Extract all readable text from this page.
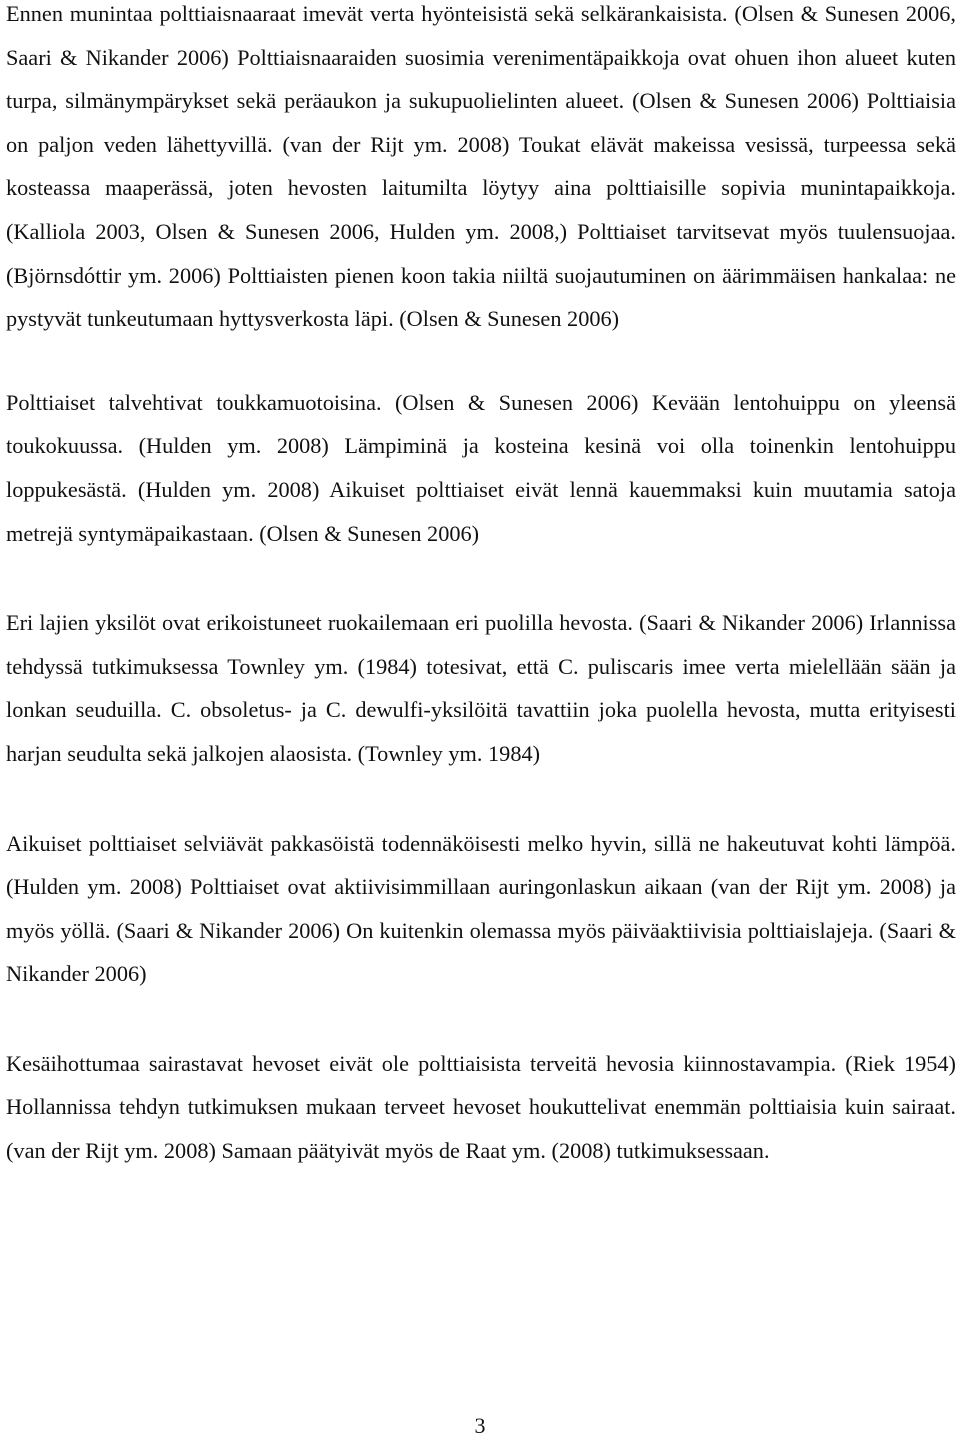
Ennen munintaa polttiaisnaaraat imevät verta hyönteisistä sekä selkärankaisista. (Olsen & Sunesen 2006, Saari & Nikander 2006) Polttiaisnaaraiden suosimia verenimentäpaikkoja ovat ohuen ihon alueet kuten turpa, silmänympärykset sekä peräaukon ja sukupuolielinten alueet. (Olsen & Sunesen 2006) Polttiaisia on paljon veden lähettyvillä. (van der Rijt ym. 2008) Toukat elävät makeissa vesissä, turpeessa sekä kosteassa maaperässä, joten hevosten laitumilta löytyy aina polttiaisille sopivia munintapaikkoja. (Kalliola 2003, Olsen & Sunesen 2006, Hulden ym. 2008,) Polttiaiset tarvitsevat myös tuulensuojaa. (Björnsdóttir ym. 2006) Polttiaisten pienen koon takia niiltä suojautuminen on äärimmäisen hankalaa: ne pystyvät tunkeutumaan hyttysverkosta läpi. (Olsen & Sunesen 2006)

Polttiaiset talvehtivat toukkamuotoisina. (Olsen & Sunesen 2006) Kevään lentohuippu on yleensä toukokuussa. (Hulden ym. 2008) Lämpiminä ja kosteina kesinä voi olla toinenkin lentohuippu loppukesästä. (Hulden ym. 2008) Aikuiset polttiaiset eivät lennä kauemmaksi kuin muutamia satoja metrejä syntymäpaikastaan. (Olsen & Sunesen 2006)

Eri lajien yksilöt ovat erikoistuneet ruokailemaan eri puolilla hevosta. (Saari & Nikander 2006) Irlannissa tehdyssä tutkimuksessa Townley ym. (1984) totesivat, että C. puliscaris imee verta mielellään sään ja lonkan seuduilla. C. obsoletus- ja C. dewulfi-yksilöitä tavattiin joka puolella hevosta, mutta erityisesti harjan seudulta sekä jalkojen alaosista. (Townley ym. 1984)

Aikuiset polttiaiset selviävät pakkasöistä todennäköisesti melko hyvin, sillä ne hakeutuvat kohti lämpöä. (Hulden ym. 2008) Polttiaiset ovat aktiivisimmillaan auringonlaskun aikaan (van der Rijt ym. 2008) ja myös yöllä. (Saari & Nikander 2006) On kuitenkin olemassa myös päiväaktiivisia polttiaislajeja. (Saari & Nikander 2006)

Kesäihottumaa sairastavat hevoset eivät ole polttiaisista terveitä hevosia kiinnostavampia. (Riek 1954) Hollannissa tehdyn tutkimuksen mukaan terveet hevoset houkuttelivat enemmän polttiaisia kuin sairaat. (van der Rijt ym. 2008) Samaan päätyivät myös de Raat ym. (2008) tutkimuksessaan.

3
